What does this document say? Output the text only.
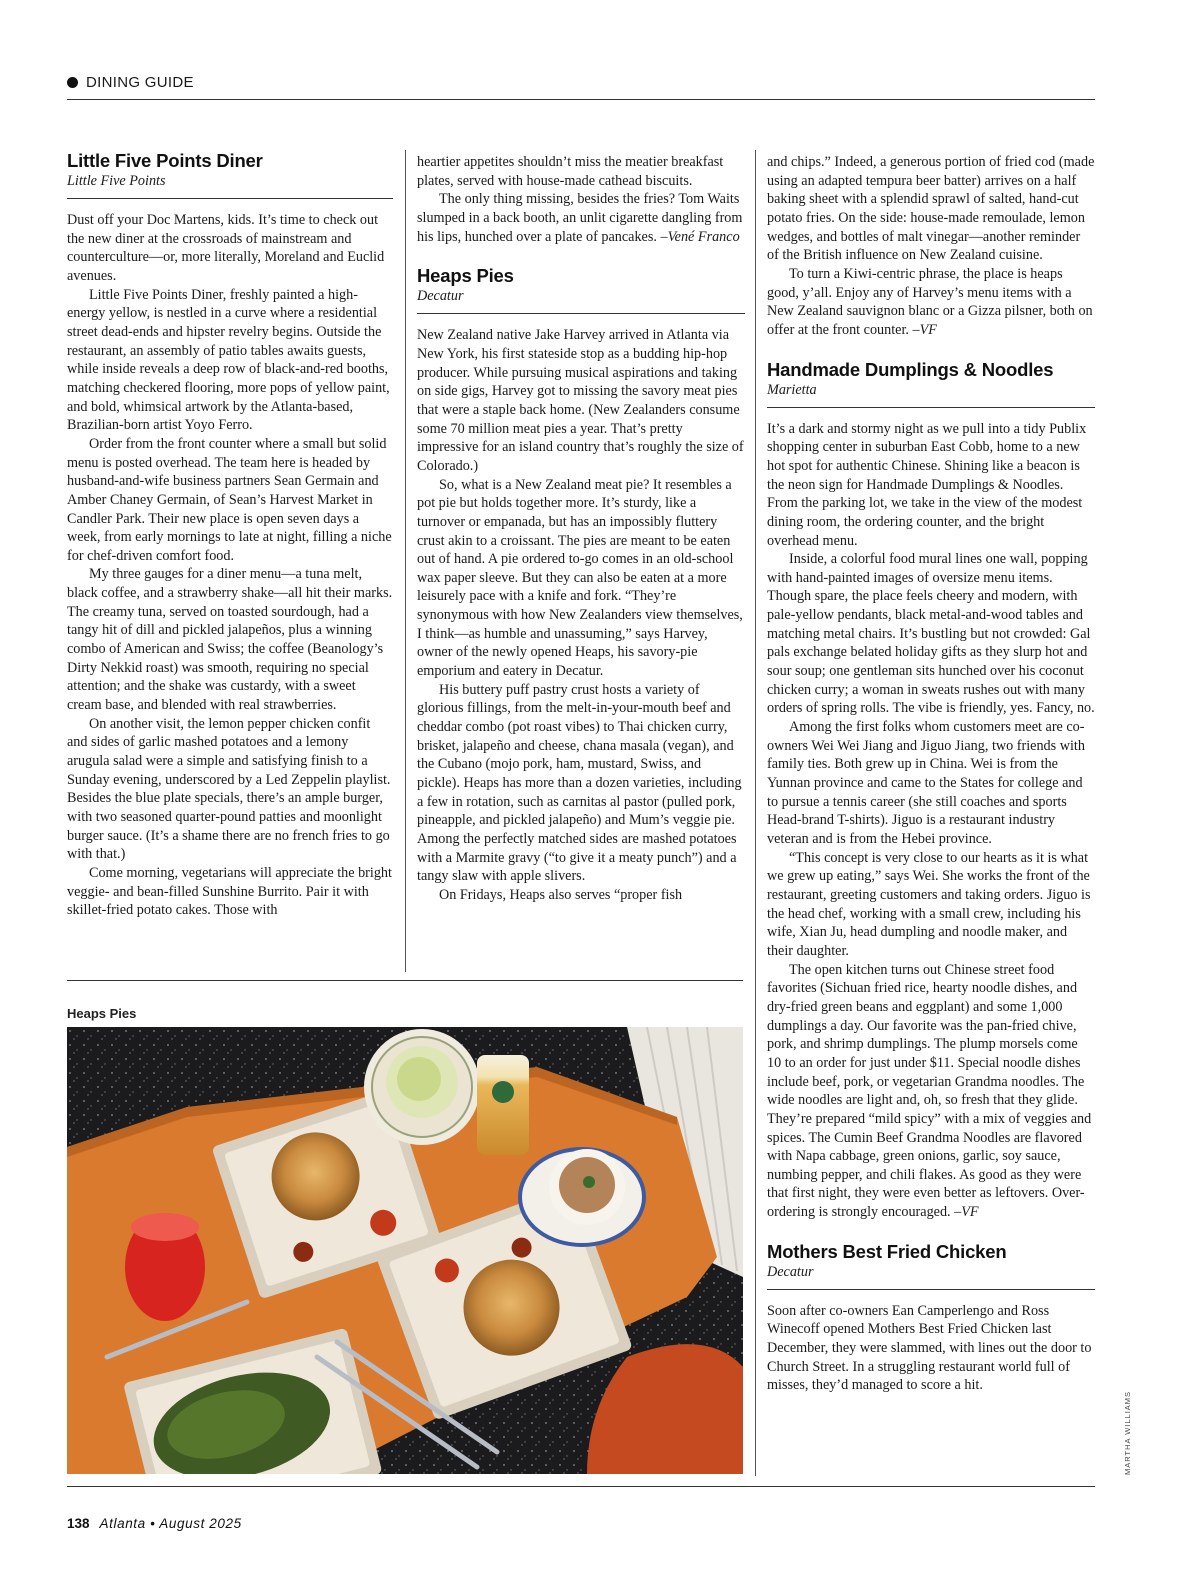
DINING GUIDE
Little Five Points Diner
Little Five Points

Dust off your Doc Martens, kids. It’s time to check out the new diner at the crossroads of mainstream and counterculture—or, more literally, Moreland and Euclid avenues.

Little Five Points Diner, freshly painted a high-energy yellow, is nestled in a curve where a residential street dead-ends and hipster revelry begins. Outside the restaurant, an assembly of patio tables awaits guests, while inside reveals a deep row of black-and-red booths, matching checkered flooring, more pops of yellow paint, and bold, whimsical artwork by the Atlanta-based, Brazilian-born artist Yoyo Ferro.

Order from the front counter where a small but solid menu is posted overhead. The team here is headed by husband-and-wife business partners Sean Germain and Amber Chaney Germain, of Sean’s Harvest Market in Candler Park. Their new place is open seven days a week, from early mornings to late at night, filling a niche for chef-driven comfort food.

My three gauges for a diner menu—a tuna melt, black coffee, and a strawberry shake—all hit their marks. The creamy tuna, served on toasted sourdough, had a tangy hit of dill and pickled jalapeños, plus a winning combo of American and Swiss; the coffee (Beanology’s Dirty Nekkid roast) was smooth, requiring no special attention; and the shake was custardy, with a sweet cream base, and blended with real strawberries.

On another visit, the lemon pepper chicken confit and sides of garlic mashed potatoes and a lemony arugula salad were a simple and satisfying finish to a Sunday evening, underscored by a Led Zeppelin playlist. Besides the blue plate specials, there’s an ample burger, with two seasoned quarter-pound patties and moonlight burger sauce. (It’s a shame there are no french fries to go with that.)

Come morning, vegetarians will appreciate the bright veggie- and bean-filled Sunshine Burrito. Pair it with skillet-fried potato cakes. Those with

heartier appetites shouldn’t miss the meatier breakfast plates, served with house-made cathead biscuits.

The only thing missing, besides the fries? Tom Waits slumped in a back booth, an unlit cigarette dangling from his lips, hunched over a plate of pancakes. –Vené Franco

Heaps Pies
Decatur

New Zealand native Jake Harvey arrived in Atlanta via New York, his first stateside stop as a budding hip-hop producer. While pursuing musical aspirations and taking on side gigs, Harvey got to missing the savory meat pies that were a staple back home. (New Zealanders consume some 70 million meat pies a year. That’s pretty impressive for an island country that’s roughly the size of Colorado.)

So, what is a New Zealand meat pie? It resembles a pot pie but holds together more. It’s sturdy, like a turnover or empanada, but has an impossibly fluttery crust akin to a croissant. The pies are meant to be eaten out of hand. A pie ordered to-go comes in an old-school wax paper sleeve. But they can also be eaten at a more leisurely pace with a knife and fork. “They’re synonymous with how New Zealanders view themselves, I think—as humble and unassuming,” says Harvey, owner of the newly opened Heaps, his savory-pie emporium and eatery in Decatur.

His buttery puff pastry crust hosts a variety of glorious fillings, from the melt-in-your-mouth beef and cheddar combo (pot roast vibes) to Thai chicken curry, brisket, jalapeño and cheese, chana masala (vegan), and the Cubano (mojo pork, ham, mustard, Swiss, and pickle). Heaps has more than a dozen varieties, including a few in rotation, such as carnitas al pastor (pulled pork, pineapple, and pickled jalapeño) and Mum’s veggie pie. Among the perfectly matched sides are mashed potatoes with a Marmite gravy (“to give it a meaty punch”) and a tangy slaw with apple slivers.

On Fridays, Heaps also serves “proper fish

and chips.” Indeed, a generous portion of fried cod (made using an adapted tempura beer batter) arrives on a half baking sheet with a splendid sprawl of salted, hand-cut potato fries. On the side: house-made remoulade, lemon wedges, and bottles of malt vinegar—another reminder of the British influence on New Zealand cuisine.

To turn a Kiwi-centric phrase, the place is heaps good, y’all. Enjoy any of Harvey’s menu items with a New Zealand sauvignon blanc or a Gizza pilsner, both on offer at the front counter. –VF

Handmade Dumplings & Noodles
Marietta

It’s a dark and stormy night as we pull into a tidy Publix shopping center in suburban East Cobb, home to a new hot spot for authentic Chinese. Shining like a beacon is the neon sign for Handmade Dumplings & Noodles. From the parking lot, we take in the view of the modest dining room, the ordering counter, and the bright overhead menu.

Inside, a colorful food mural lines one wall, popping with hand-painted images of oversize menu items. Though spare, the place feels cheery and modern, with pale-yellow pendants, black metal-and-wood tables and matching metal chairs. It’s bustling but not crowded: Gal pals exchange belated holiday gifts as they slurp hot and sour soup; one gentleman sits hunched over his coconut chicken curry; a woman in sweats rushes out with many orders of spring rolls. The vibe is friendly, yes. Fancy, no.

Among the first folks whom customers meet are co-owners Wei Wei Jiang and Jiguo Jiang, two friends with family ties. Both grew up in China. Wei is from the Yunnan province and came to the States for college and to pursue a tennis career (she still coaches and sports Head-brand T-shirts). Jiguo is a restaurant industry veteran and is from the Hebei province.

“This concept is very close to our hearts as it is what we grew up eating,” says Wei. She works the front of the restaurant, greeting customers and taking orders. Jiguo is the head chef, working with a small crew, including his wife, Xian Ju, head dumpling and noodle maker, and their daughter.

The open kitchen turns out Chinese street food favorites (Sichuan fried rice, hearty noodle dishes, and dry-fried green beans and eggplant) and some 1,000 dumplings a day. Our favorite was the pan-fried chive, pork, and shrimp dumplings. The plump morsels come 10 to an order for just under $11. Special noodle dishes include beef, pork, or vegetarian Grandma noodles. The wide noodles are light and, oh, so fresh that they glide. They’re prepared “mild spicy” with a mix of veggies and spices. The Cumin Beef Grandma Noodles are flavored with Napa cabbage, green onions, garlic, soy sauce, numbing pepper, and chili flakes. As good as they were that first night, they were even better as leftovers. Over-ordering is strongly encouraged. –VF

Mothers Best Fried Chicken
Decatur

Soon after co-owners Ean Camperlengo and Ross Winecoff opened Mothers Best Fried Chicken last December, they were slammed, with lines out the door to Church Street. In a struggling restaurant world full of misses, they’d managed to score a hit.

Heaps Pies
MARTHA WILLIAMS
138 Atlanta • August 2025
